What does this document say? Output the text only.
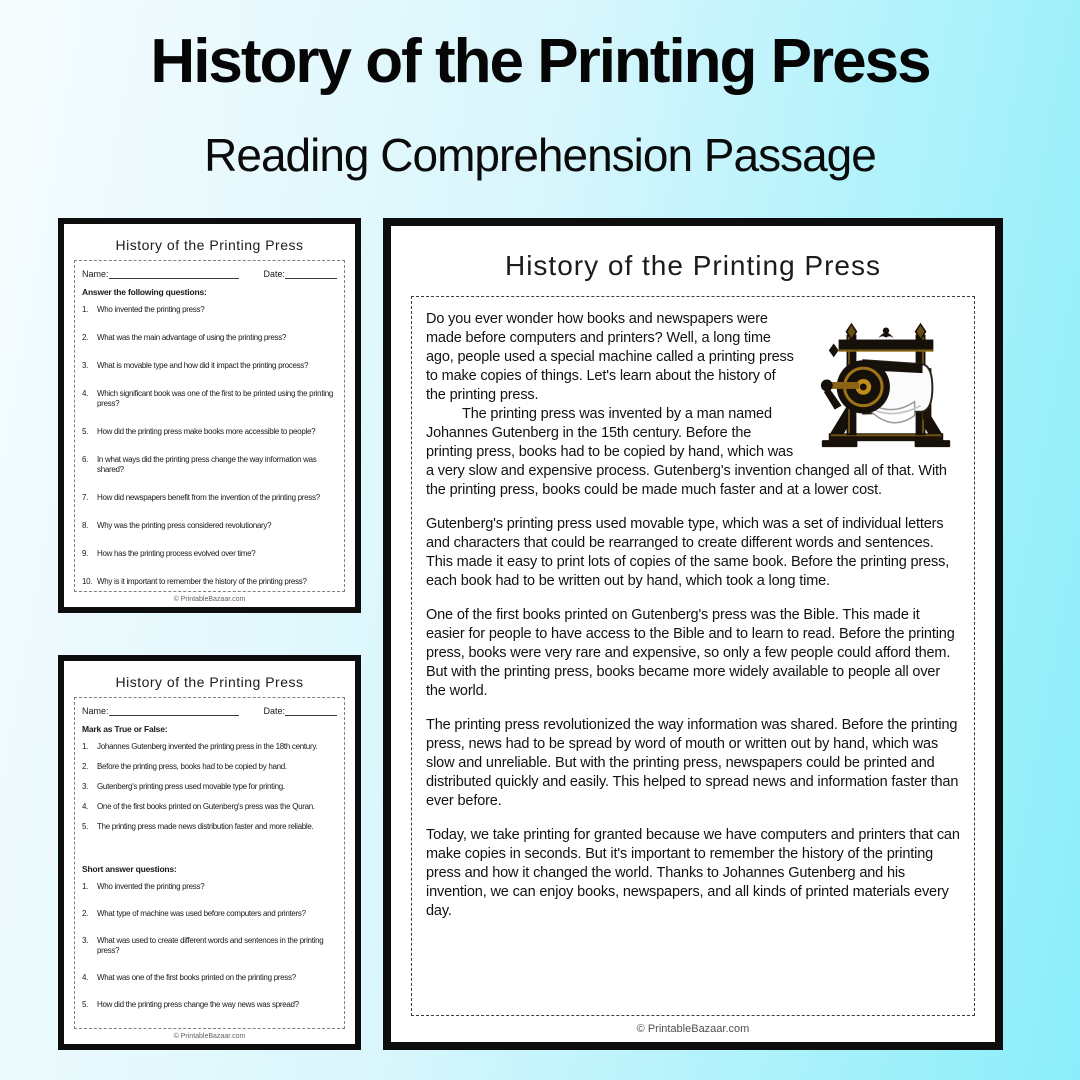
History of the Printing Press
Reading Comprehension Passage
History of the Printing Press
Name:	Date:
Answer the following questions:
1.	Who invented the printing press?
2.	What was the main advantage of using the printing press?
3.	What is movable type and how did it impact the printing process?
4.	Which significant book was one of the first to be printed using the printing press?
5.	How did the printing press make books more accessible to people?
6.	In what ways did the printing press change the way information was shared?
7.	How did newspapers benefit from the invention of the printing press?
8.	Why was the printing press considered revolutionary?
9.	How has the printing process evolved over time?
10. Why is it important to remember the history of the printing press?
© PrintableBazaar.com
History of the Printing Press
Name:	Date:
Mark as True or False:
1.	Johannes Gutenberg invented the printing press in the 18th century.
2.	Before the printing press, books had to be copied by hand.
3.	Gutenberg's printing press used movable type for printing.
4.	One of the first books printed on Gutenberg's press was the Quran.
5.	The printing press made news distribution faster and more reliable.
Short answer questions:
1.	Who invented the printing press?
2.	What type of machine was used before computers and printers?
3.	What was used to create different words and sentences in the printing press?
4.	What was one of the first books printed on the printing press?
5.	How did the printing press change the way news was spread?
© PrintableBazaar.com
History of the Printing Press

Do you ever wonder how books and newspapers were made before computers and printers? Well, a long time ago, people used a special machine called a printing press to make copies of things. Let's learn about the history of the printing press.

The printing press was invented by a man named Johannes Gutenberg in the 15th century. Before the printing press, books had to be copied by hand, which was a very slow and expensive process. Gutenberg's invention changed all of that. With the printing press, books could be made much faster and at a lower cost.

Gutenberg's printing press used movable type, which was a set of individual letters and characters that could be rearranged to create different words and sentences. This made it easy to print lots of copies of the same book. Before the printing press, each book had to be written out by hand, which took a long time.

One of the first books printed on Gutenberg's press was the Bible. This made it easier for people to have access to the Bible and to learn to read. Before the printing press, books were very rare and expensive, so only a few people could afford them. But with the printing press, books became more widely available to people all over the world.

The printing press revolutionized the way information was shared. Before the printing press, news had to be spread by word of mouth or written out by hand, which was slow and unreliable. But with the printing press, newspapers could be printed and distributed quickly and easily. This helped to spread news and information faster than ever before.

Today, we take printing for granted because we have computers and printers that can make copies in seconds. But it's important to remember the history of the printing press and how it changed the world. Thanks to Johannes Gutenberg and his invention, we can enjoy books, newspapers, and all kinds of printed materials every day.

© PrintableBazaar.com
